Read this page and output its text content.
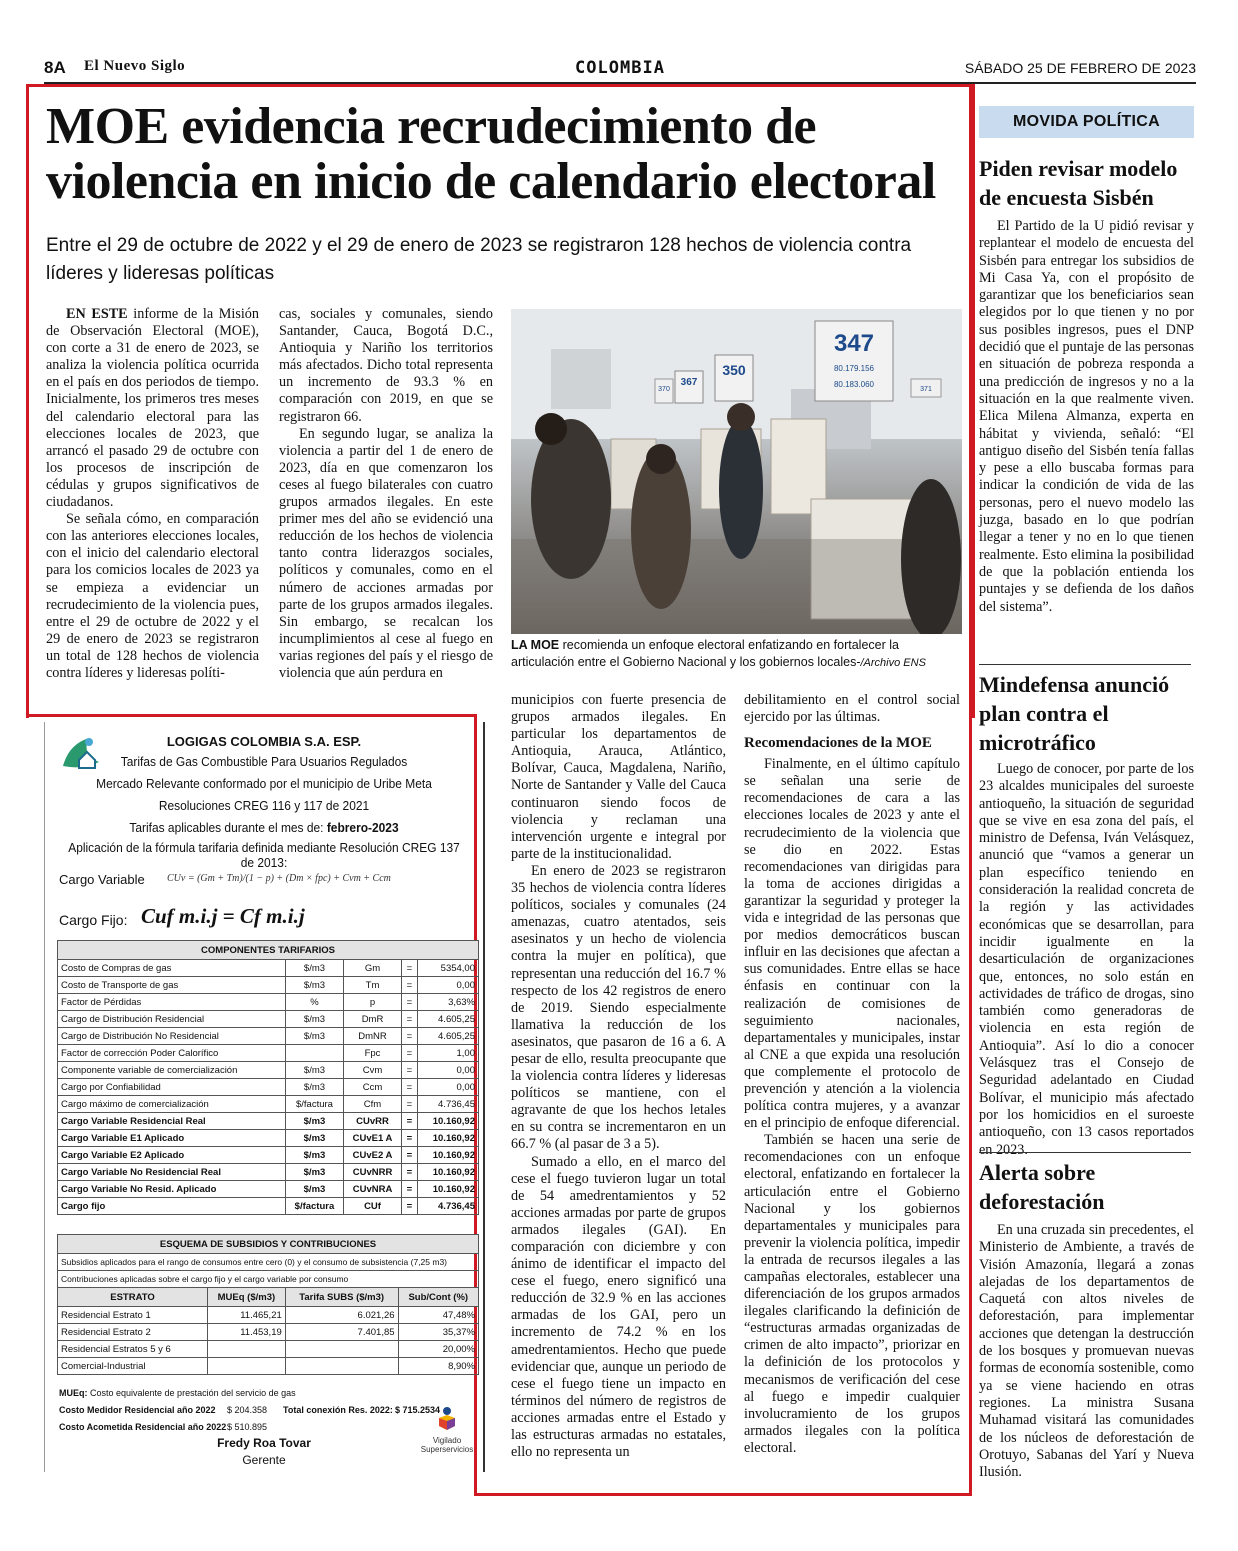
8A El Nuevo Siglo	COLOMBIA	SÁBADO 25 DE FEBRERO DE 2023
MOE evidencia recrudecimiento de
violencia en inicio de calendario electoral
Entre el 29 de octubre de 2022 y el 29 de enero de 2023 se registraron 128 hechos de violencia contra líderes y lideresas políticas

EN ESTE informe de la Misión de Observación Electoral (MOE), con corte a 31 de enero de 2023, se analiza la violencia política ocurrida en el país en dos periodos de tiempo. Inicialmente, los primeros tres meses del calendario electoral para las elecciones locales de 2023, que arrancó el pasado 29 de octubre con los procesos de inscripción de cédulas y grupos significativos de ciudadanos.

Se señala cómo, en comparación con las anteriores elecciones locales, con el inicio del calendario electoral para los comicios locales de 2023 ya se empieza a evidenciar un recrudecimiento de la violencia pues, entre el 29 de octubre de 2022 y el 29 de enero de 2023 se registraron un total de 128 hechos de violencia contra líderes y lideresas políti-

cas, sociales y comunales, siendo Santander, Cauca, Bogotá D.C., Antioquia y Nariño los territorios más afectados. Dicho total representa un incremento de 93.3 % en comparación con 2019, en que se registraron 66.

En segundo lugar, se analiza la violencia a partir del 1 de enero de 2023, día en que comenzaron los ceses al fuego bilaterales con cuatro grupos armados ilegales. En este primer mes del año se evidenció una reducción de los hechos de violencia tanto contra liderazgos sociales, políticos y comunales, como en el número de acciones armadas por parte de los grupos armados ilegales. Sin embargo, se recalcan los incumplimientos al cese al fuego en varias regiones del país y el riesgo de violencia que aún perdura en

347
80.179.156
80.183.060
350
367
370	371
LA MOE recomienda un enfoque electoral enfatizando en fortalecer la articulación entre el Gobierno Nacional y los gobiernos locales-/Archivo ENS

municipios con fuerte presencia de grupos armados ilegales. En particular los departamentos de Antioquia, Arauca, Atlántico, Bolívar, Cauca, Magdalena, Nariño, Norte de Santander y Valle del Cauca continuaron siendo focos de violencia y reclaman una intervención urgente e integral por parte de la institucionalidad.

En enero de 2023 se registraron 35 hechos de violencia contra líderes políticos, sociales y comunales (24 amenazas, cuatro atentados, seis asesinatos y un hecho de violencia contra la mujer en política), que representan una reducción del 16.7 % respecto de los 42 registros de enero de 2019. Siendo especialmente llamativa la reducción de los asesinatos, que pasaron de 16 a 6. A pesar de ello, resulta preocupante que la violencia contra líderes y lideresas políticos se mantiene, con el agravante de que los hechos letales en su contra se incrementaron en un 66.7 % (al pasar de 3 a 5).

Sumado a ello, en el marco del cese el fuego tuvieron lugar un total de 54 amedrentamientos y 52 acciones armadas por parte de grupos armados ilegales (GAI). En comparación con diciembre y con ánimo de identificar el impacto del cese el fuego, enero significó una reducción de 32.9 % en las acciones armadas de los GAI, pero un incremento de 74.2 % en los amedrentamientos. Hecho que puede evidenciar que, aunque un periodo de cese el fuego tiene un impacto en términos del número de registros de acciones armadas entre el Estado y las estructuras armadas no estatales, ello no representa un

debilitamiento en el control social ejercido por las últimas.

Recomendaciones de la MOE

Finalmente, en el último capítulo se señalan una serie de recomendaciones de cara a las elecciones locales de 2023 y ante el recrudecimiento de la violencia que se dio en 2022. Estas recomendaciones van dirigidas para la toma de acciones dirigidas a garantizar la seguridad y proteger la vida e integridad de las personas que por medios democráticos buscan influir en las decisiones que afectan a sus comunidades. Entre ellas se hace énfasis en continuar con la realización de comisiones de seguimiento nacionales, departamentales y municipales, instar al CNE a que expida una resolución que complemente el protocolo de prevención y atención a la violencia política contra mujeres, y a avanzar en el principio de enfoque diferencial.

También se hacen una serie de recomendaciones con un enfoque electoral, enfatizando en fortalecer la articulación entre el Gobierno Nacional y los gobiernos departamentales y municipales para prevenir la violencia política, impedir la entrada de recursos ilegales a las campañas electorales, establecer una diferenciación de los grupos armados ilegales clarificando la definición de “estructuras armadas organizadas de crimen de alto impacto”, priorizar en la definición de los protocolos y mecanismos de verificación del cese al fuego e impedir cualquier involucramiento de los grupos armados ilegales con la política electoral.

MOVIDA POLÍTICA
Piden revisar modelo de encuesta Sisbén

El Partido de la U pidió revisar y replantear el modelo de encuesta del Sisbén para entregar los subsidios de Mi Casa Ya, con el propósito de garantizar que los beneficiarios sean elegidos por lo que tienen y no por sus posibles ingresos, pues el DNP decidió que el puntaje de las personas en situación de pobreza responda a una predicción de ingresos y no a la situación en la que realmente viven. Elica Milena Almanza, experta en hábitat y vivienda, señaló: “El antiguo diseño del Sisbén tenía fallas y pese a ello buscaba formas para indicar la condición de vida de las personas, pero el nuevo modelo las juzga, basado en lo que podrían llegar a tener y no en lo que tienen realmente. Esto elimina la posibilidad de que la población entienda los puntajes y se defienda de los daños del sistema”.

Mindefensa anunció plan contra el microtráfico

Luego de conocer, por parte de los 23 alcaldes municipales del suroeste antioqueño, la situación de seguridad que se vive en esa zona del país, el ministro de Defensa, Iván Velásquez, anunció que “vamos a generar un plan específico teniendo en consideración la realidad concreta de la región y las actividades económicas que se desarrollan, para incidir igualmente en la desarticulación de organizaciones que, entonces, no solo están en actividades de tráfico de drogas, sino también como generadoras de violencia en esta región de Antioquia”. Así lo dio a conocer Velásquez tras el Consejo de Seguridad adelantado en Ciudad Bolívar, el municipio más afectado por los homicidios en el suroeste antioqueño, con 13 casos reportados en 2023.

Alerta sobre deforestación

En una cruzada sin precedentes, el Ministerio de Ambiente, a través de Visión Amazonía, llegará a zonas alejadas de los departamentos de Caquetá con altos niveles de deforestación, para implementar acciones que detengan la destrucción de los bosques y promuevan nuevas formas de economía sostenible, como ya se viene haciendo en otras regiones. La ministra Susana Muhamad visitará las comunidades de los núcleos de deforestación de Orotuyo, Sabanas del Yarí y Nueva Ilusión.

LOGIGAS COLOMBIA S.A. ESP.
Tarifas de Gas Combustible Para Usuarios Regulados
Mercado Relevante conformado por el municipio de Uribe Meta
Resoluciones CREG 116 y 117 de 2021
Tarifas aplicables durante el mes de: febrero-2023
Aplicación de la fórmula tarifaria definida mediante Resolución CREG 137 de 2013:
Cargo Variable CUv = (Gm + Tm)/(1 − p) + (Dm × fpc) + Cvm + Ccm
Cargo Fijo: Cuf m.i.j = Cf m.i.j
COMPONENTES TARIFARIOS				
Costo de Compras de gas	$/m3	Gm	=	5354,00
Costo de Transporte de gas	$/m3	Tm	=	0,00
Factor de Pérdidas	%	p	=	3,63%
Cargo de Distribución Residencial	$/m3	DmR	=	4.605,25
Cargo de Distribución No Residencial	$/m3	DmNR	=	4.605,25
Factor de corrección Poder Calorífico		Fpc	=	1,00
Componente variable de comercialización	$/m3	Cvm	=	0,00
Cargo por Confiabilidad	$/m3	Ccm	=	0,00
Cargo máximo de comercialización	$/factura	Cfm	=	4.736,45
Cargo Variable Residencial Real	$/m3	CUvRR	=	10.160,92
Cargo Variable E1 Aplicado	$/m3	CUvE1 A	=	10.160,92
Cargo Variable E2 Aplicado	$/m3	CUvE2 A	=	10.160,92
Cargo Variable No Residencial Real	$/m3	CUvNRR	=	10.160,92
Cargo Variable No Resid. Aplicado	$/m3	CUvNRA	=	10.160,92
Cargo fijo	$/factura	CUf	=	4.736,45
ESQUEMA DE SUBSIDIOS Y CONTRIBUCIONES			
Subsidios aplicados para el rango de consumos entre cero (0) y el consumo de subsistencia (7,25 m3)			
Contribuciones aplicadas sobre el cargo fijo y el cargo variable por consumo			
ESTRATO	MUEq ($/m3)	Tarifa SUBS ($/m3)	Sub/Cont (%)
Residencial Estrato 1	11.465,21	6.021,26	47,48%
Residencial Estrato 2	11.453,19	7.401,85	35,37%
Residencial Estratos 5 y 6			20,00%
Comercial-Industrial			8,90%
MUEq: Costo equivalente de prestación del servicio de gas
Costo Medidor Residencial año 2022 $ 204.358 Total conexión Res. 2022: $ 715.2534
Costo Acometida Residencial año 2022 $ 510.895
Fredy Roa Tovar
Gerente
Vigilado
Superservicios
